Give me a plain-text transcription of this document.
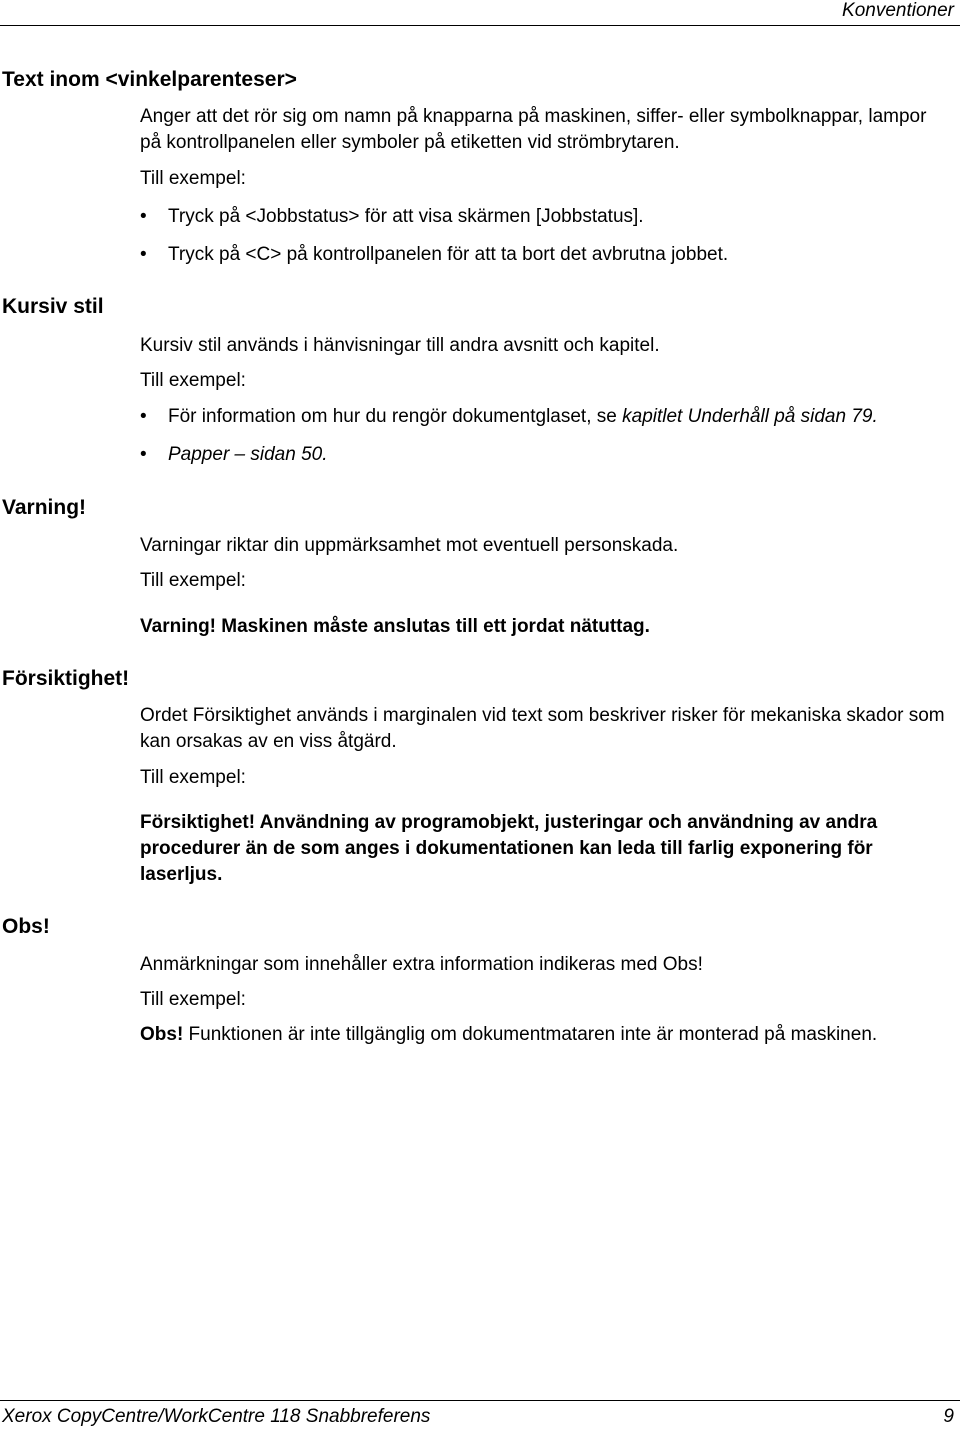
Konventioner
Text inom <vinkelparenteser>
Anger att det rör sig om namn på knapparna på maskinen, siffer- eller symbolknappar, lampor på kontrollpanelen eller symboler på etiketten vid strömbrytaren.
Till exempel:
• Tryck på <Jobbstatus> för att visa skärmen [Jobbstatus].
• Tryck på <C> på kontrollpanelen för att ta bort det avbrutna jobbet.
Kursiv stil
Kursiv stil används i hänvisningar till andra avsnitt och kapitel.
Till exempel:
• För information om hur du rengör dokumentglaset, se kapitlet Underhåll på sidan 79.
• Papper – sidan 50.
Varning!
Varningar riktar din uppmärksamhet mot eventuell personskada.
Till exempel:
Varning! Maskinen måste anslutas till ett jordat nätuttag.
Försiktighet!
Ordet Försiktighet används i marginalen vid text som beskriver risker för mekaniska skador som kan orsakas av en viss åtgärd.
Till exempel:
Försiktighet! Användning av programobjekt, justeringar och användning av andra procedurer än de som anges i dokumentationen kan leda till farlig exponering för laserljus.
Obs!
Anmärkningar som innehåller extra information indikeras med Obs!
Till exempel:
Obs! Funktionen är inte tillgänglig om dokumentmataren inte är monterad på maskinen.
Xerox CopyCentre/WorkCentre 118 Snabbreferens	9
